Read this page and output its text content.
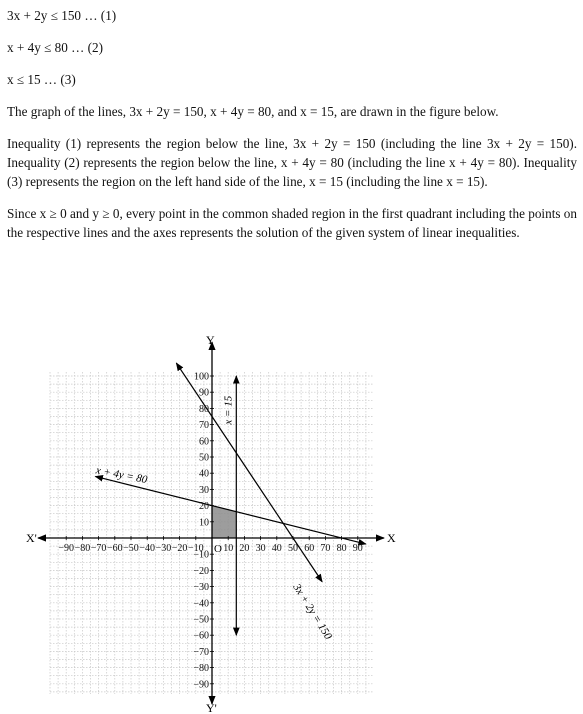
3x + 2y ≤ 150 … (1)

x + 4y ≤ 80 … (2)

x ≤ 15 … (3)

The graph of the lines, 3x + 2y = 150, x + 4y = 80, and x = 15, are drawn in the figure below.

Inequality (1) represents the region below the line, 3x + 2y = 150 (including the line 3x + 2y = 150). Inequality (2) represents the region below the line, x + 4y = 80 (including the line x + 4y = 80). Inequality (3) represents the region on the left hand side of the line, x = 15 (including the line x = 15).

Since x ≥ 0 and y ≥ 0, every point in the common shaded region in the first quadrant including the points on the respective lines and the axes represents the solution of the given system of linear inequalities.

3x + 2y = 150
x + 4y = 80
x = 15
−90 −80 −70 −60 −50 −40 −30 −20 −10 10 20 30 40 50 60 70 80 90
100
90
80
70
60
50
40
30
20
10
−10
−20
−30
−40
−50
−60
−70
−80
−90
X
X'
Y
Y'
O
